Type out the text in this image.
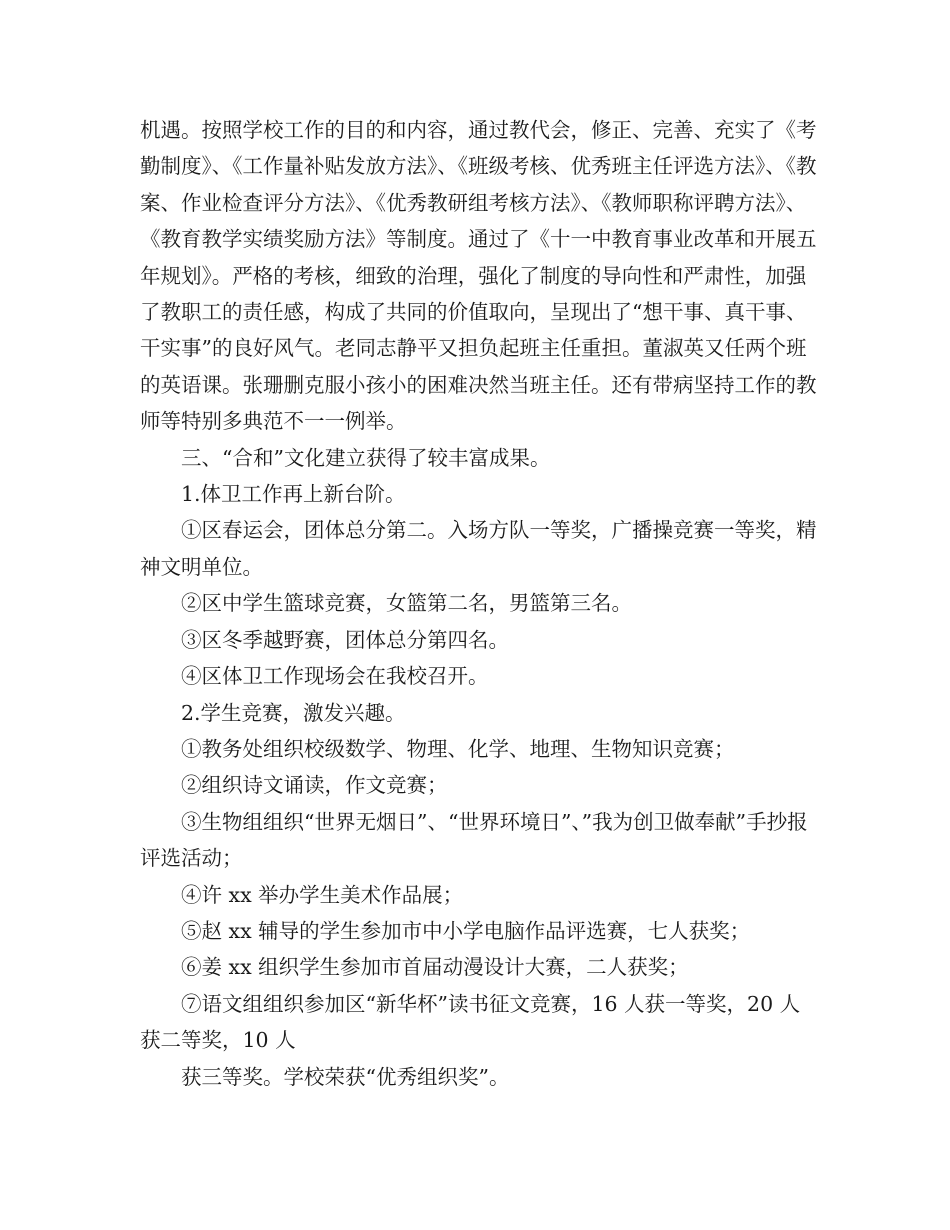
机遇。按照学校工作的目的和内容，通过教代会，修正、完善、充实了《考勤制度》、《工作量补贴发放方法》、《班级考核、优秀班主任评选方法》、《教案、作业检查评分方法》、《优秀教研组考核方法》、《教师职称评聘方法》、《教育教学实绩奖励方法》等制度。通过了《十一中教育事业改革和开展五年规划》。严格的考核，细致的治理，强化了制度的导向性和严肃性，加强了教职工的责任感，构成了共同的价值取向，呈现出了“想干事、真干事、干实事”的良好风气。老同志静平又担负起班主任重担。董淑英又任两个班的英语课。张珊删克服小孩小的困难决然当班主任。还有带病坚持工作的教师等特别多典范不一一例举。

三、“合和”文化建立获得了较丰富成果。

1.体卫工作再上新台阶。

①区春运会，团体总分第二。入场方队一等奖，广播操竞赛一等奖，精神文明单位。

②区中学生篮球竞赛，女篮第二名，男篮第三名。

③区冬季越野赛，团体总分第四名。

④区体卫工作现场会在我校召开。

2.学生竞赛，激发兴趣。

①教务处组织校级数学、物理、化学、地理、生物知识竞赛；

②组织诗文诵读，作文竞赛；

③生物组组织“世界无烟日”、“世界环境日”、”我为创卫做奉献”手抄报评选活动；

④许 xx 举办学生美术作品展；

⑤赵 xx 辅导的学生参加市中小学电脑作品评选赛，七人获奖；

⑥姜 xx 组织学生参加市首届动漫设计大赛，二人获奖；

⑦语文组组织参加区“新华杯”读书征文竞赛，16 人获一等奖，20 人获二等奖，10 人

获三等奖。学校荣获“优秀组织奖”。
